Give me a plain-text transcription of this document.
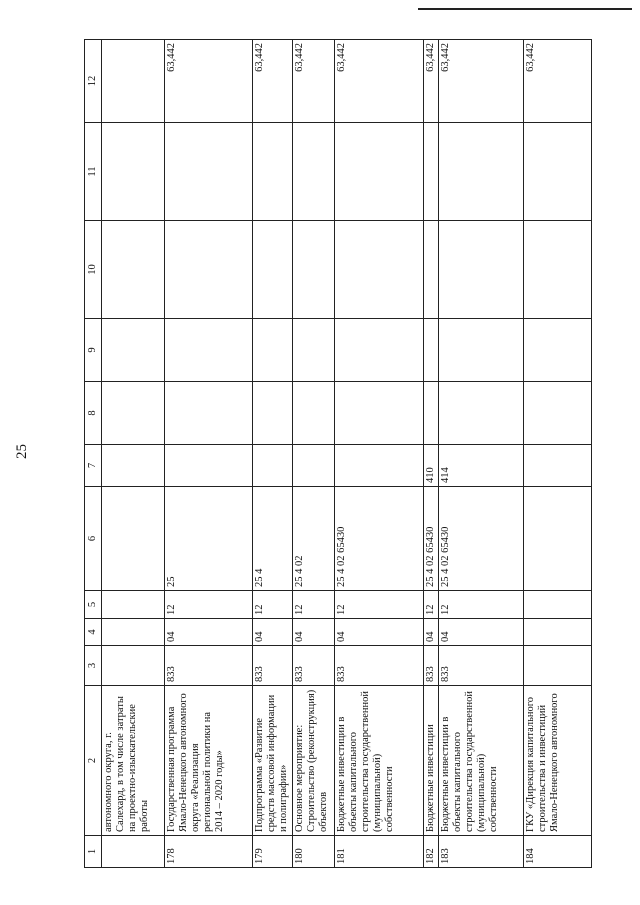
25
1	2	3	4	5	6	7	8	9	10	11	12
	автономного округа, г. Салехард, в том числе затраты на проектно-изыскательские работы										
178	Государственная программа Ямало-Ненецкого автономного округа «Реализация региональной политики на 2014 – 2020 годы»	833	04	12	25						63,442
179	Подпрограмма «Развитие средств массовой информации и полиграфии»	833	04	12	25 4						63,442
180	Основное мероприятие: Строительство (реконструкция) объектов	833	04	12	25 4 02						63,442
181	Бюджетные инвестиции в объекты капитального строительства государственной (муниципальной) собственности	833	04	12	25 4 02 65430						63,442
182	Бюджетные инвестиции	833	04	12	25 4 02 65430	410					63,442
183	Бюджетные инвестиции в объекты капитального строительства государственной (муниципальной) собственности	833	04	12	25 4 02 65430	414					63,442
184	ГКУ «Дирекция капитального строительства и инвестиций Ямало-Ненецкого автономного										63,442
